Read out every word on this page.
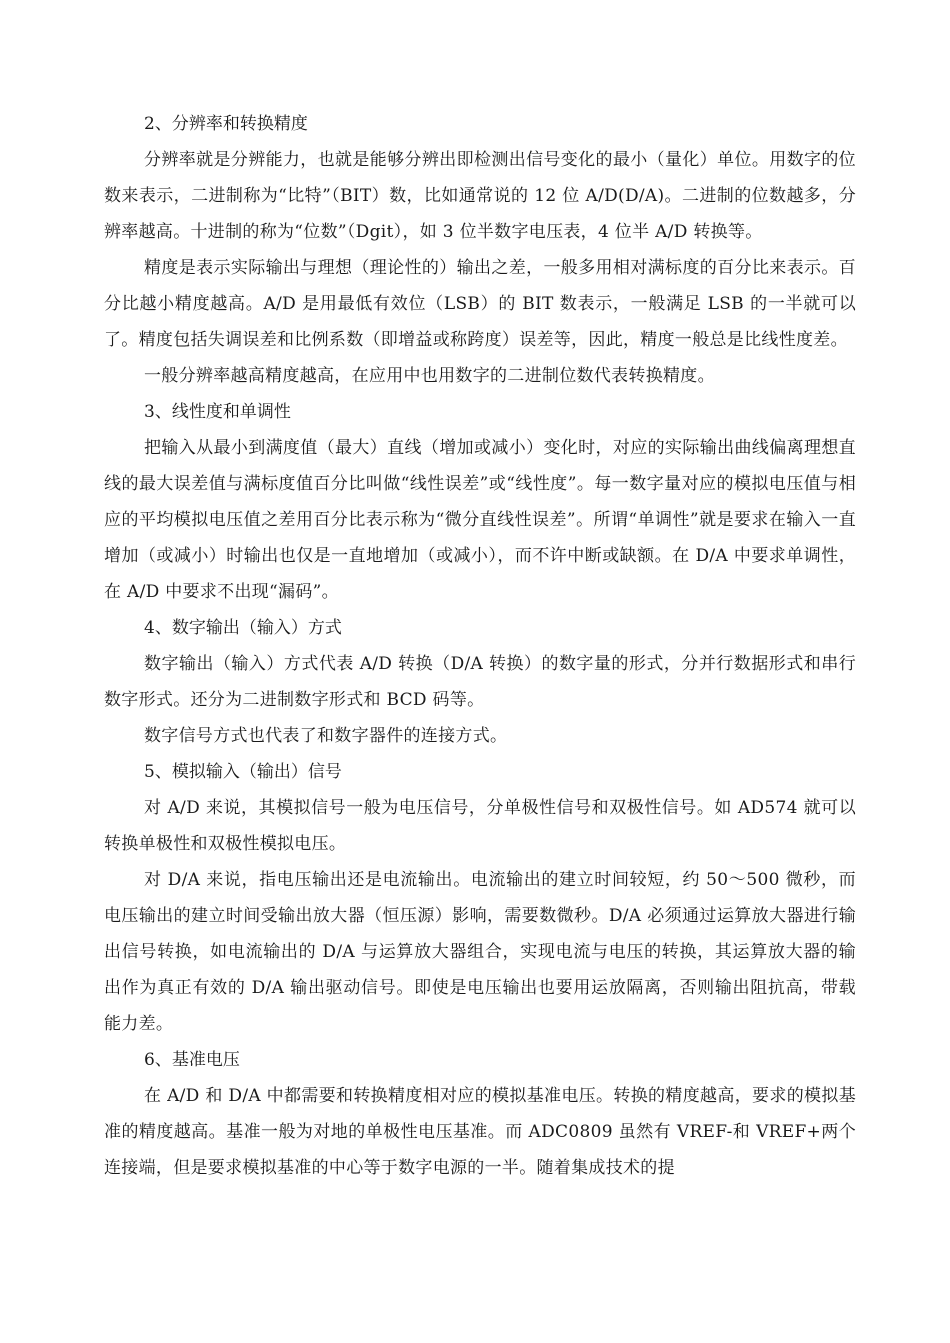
2、分辨率和转换精度

分辨率就是分辨能力，也就是能够分辨出即检测出信号变化的最小（量化）单位。用数字的位数来表示，二进制称为“比特”（BIT）数，比如通常说的 12 位 A/D(D/A)。二进制的位数越多，分辨率越高。十进制的称为“位数”（Dgit），如 3 位半数字电压表，4 位半 A/D 转换等。

精度是表示实际输出与理想（理论性的）输出之差，一般多用相对满标度的百分比来表示。百分比越小精度越高。A/D 是用最低有效位（LSB）的 BIT 数表示，一般满足 LSB 的一半就可以了。精度包括失调误差和比例系数（即增益或称跨度）误差等，因此，精度一般总是比线性度差。

一般分辨率越高精度越高，在应用中也用数字的二进制位数代表转换精度。

3、线性度和单调性

把输入从最小到满度值（最大）直线（增加或减小）变化时，对应的实际输出曲线偏离理想直线的最大误差值与满标度值百分比叫做“线性误差”或“线性度”。每一数字量对应的模拟电压值与相应的平均模拟电压值之差用百分比表示称为“微分直线性误差”。所谓“单调性”就是要求在输入一直增加（或减小）时输出也仅是一直地增加（或减小），而不许中断或缺额。在 D/A 中要求单调性，在 A/D 中要求不出现“漏码”。

4、数字输出（输入）方式

数字输出（输入）方式代表 A/D 转换（D/A 转换）的数字量的形式，分并行数据形式和串行数字形式。还分为二进制数字形式和 BCD 码等。

数字信号方式也代表了和数字器件的连接方式。

5、模拟输入（输出）信号

对 A/D 来说，其模拟信号一般为电压信号，分单极性信号和双极性信号。如 AD574 就可以转换单极性和双极性模拟电压。

对 D/A 来说，指电压输出还是电流输出。电流输出的建立时间较短，约 50～500 微秒，而电压输出的建立时间受输出放大器（恒压源）影响，需要数微秒。D/A 必须通过运算放大器进行输出信号转换，如电流输出的 D/A 与运算放大器组合，实现电流与电压的转换，其运算放大器的输出作为真正有效的 D/A 输出驱动信号。即使是电压输出也要用运放隔离，否则输出阻抗高，带载能力差。

6、基准电压

在 A/D 和 D/A 中都需要和转换精度相对应的模拟基准电压。转换的精度越高，要求的模拟基准的精度越高。基准一般为对地的单极性电压基准。而 ADC0809 虽然有 VREF-和 VREF+两个连接端，但是要求模拟基准的中心等于数字电源的一半。随着集成技术的提
